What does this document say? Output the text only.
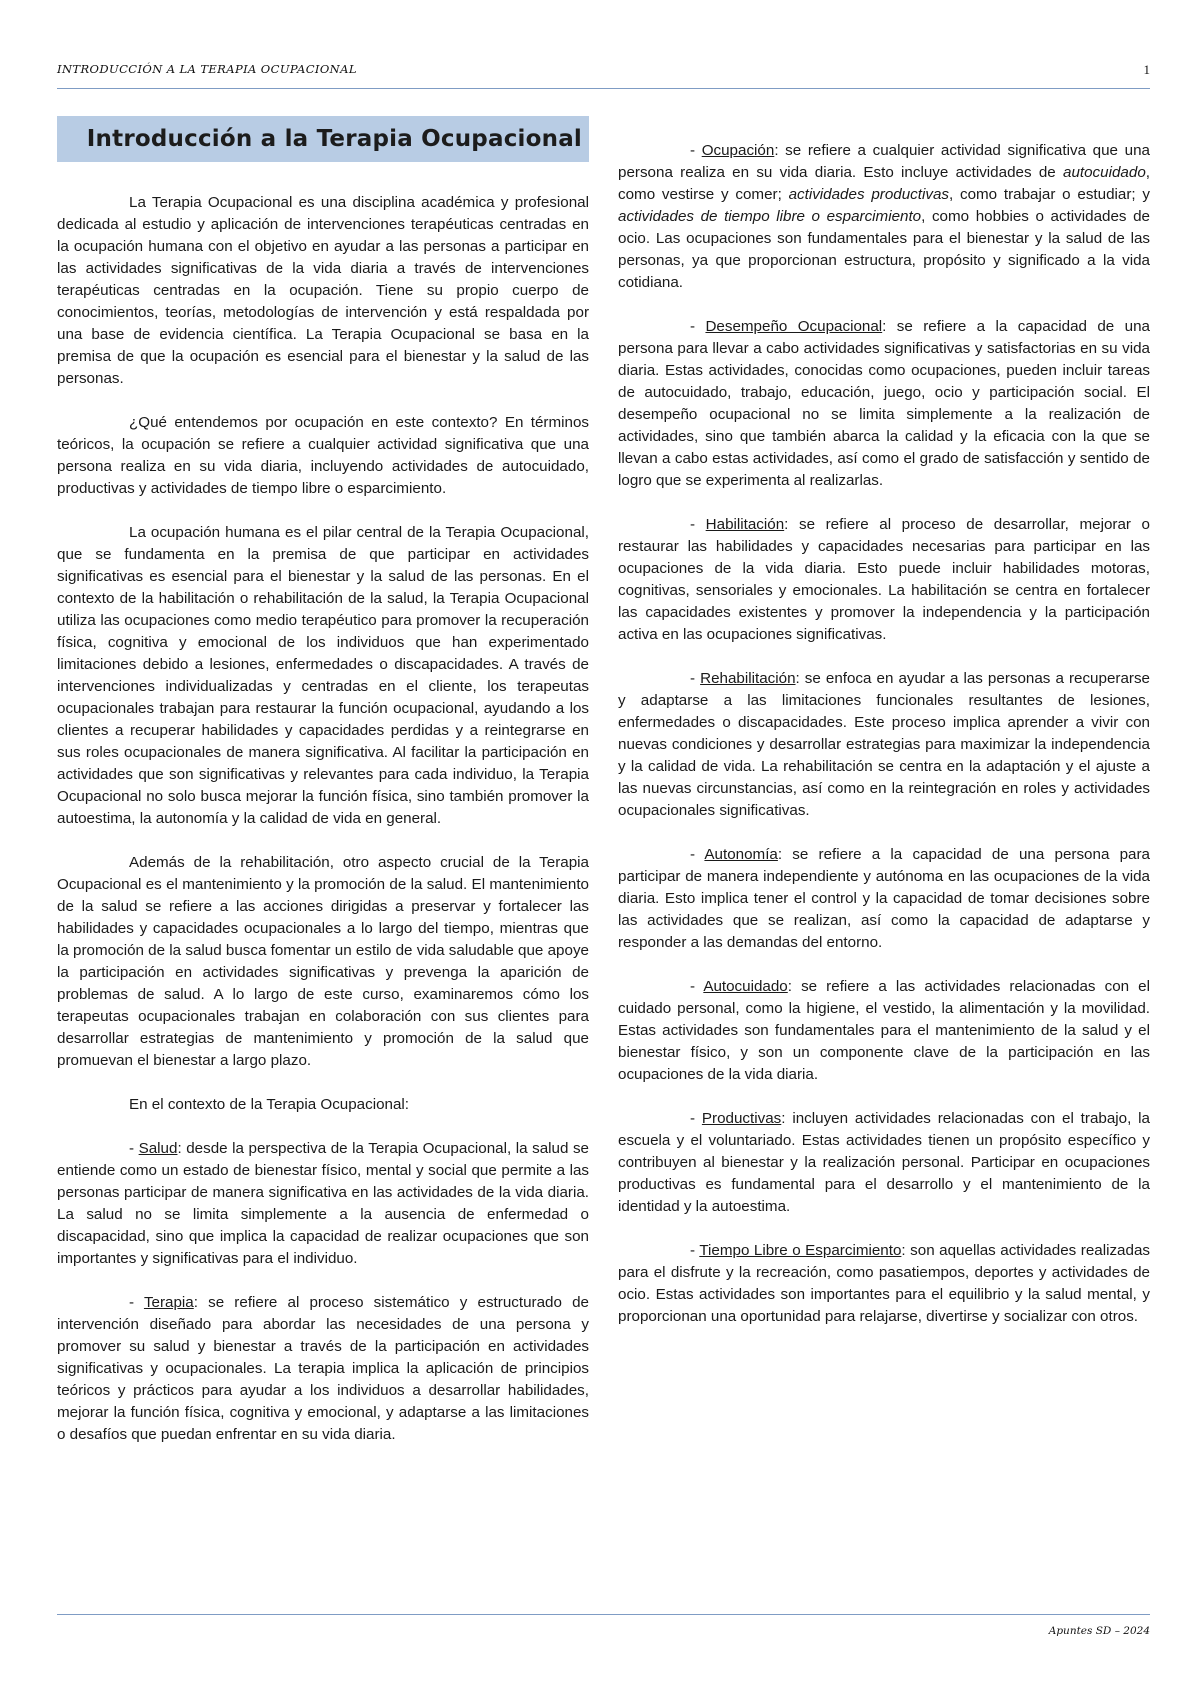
INTRODUCCIÓN A LA TERAPIA OCUPACIONAL	1
Introducción a la Terapia Ocupacional

La Terapia Ocupacional es una disciplina académica y profesional dedicada al estudio y aplicación de intervenciones terapéuticas centradas en la ocupación humana con el objetivo en ayudar a las personas a participar en las actividades significativas de la vida diaria a través de intervenciones terapéuticas centradas en la ocupación. Tiene su propio cuerpo de conocimientos, teorías, metodologías de intervención y está respaldada por una base de evidencia científica. La Terapia Ocupacional se basa en la premisa de que la ocupación es esencial para el bienestar y la salud de las personas.

¿Qué entendemos por ocupación en este contexto? En términos teóricos, la ocupación se refiere a cualquier actividad significativa que una persona realiza en su vida diaria, incluyendo actividades de autocuidado, productivas y actividades de tiempo libre o esparcimiento.

La ocupación humana es el pilar central de la Terapia Ocupacional, que se fundamenta en la premisa de que participar en actividades significativas es esencial para el bienestar y la salud de las personas. En el contexto de la habilitación o rehabilitación de la salud, la Terapia Ocupacional utiliza las ocupaciones como medio terapéutico para promover la recuperación física, cognitiva y emocional de los individuos que han experimentado limitaciones debido a lesiones, enfermedades o discapacidades. A través de intervenciones individualizadas y centradas en el cliente, los terapeutas ocupacionales trabajan para restaurar la función ocupacional, ayudando a los clientes a recuperar habilidades y capacidades perdidas y a reintegrarse en sus roles ocupacionales de manera significativa. Al facilitar la participación en actividades que son significativas y relevantes para cada individuo, la Terapia Ocupacional no solo busca mejorar la función física, sino también promover la autoestima, la autonomía y la calidad de vida en general.

Además de la rehabilitación, otro aspecto crucial de la Terapia Ocupacional es el mantenimiento y la promoción de la salud. El mantenimiento de la salud se refiere a las acciones dirigidas a preservar y fortalecer las habilidades y capacidades ocupacionales a lo largo del tiempo, mientras que la promoción de la salud busca fomentar un estilo de vida saludable que apoye la participación en actividades significativas y prevenga la aparición de problemas de salud. A lo largo de este curso, examinaremos cómo los terapeutas ocupacionales trabajan en colaboración con sus clientes para desarrollar estrategias de mantenimiento y promoción de la salud que promuevan el bienestar a largo plazo.

En el contexto de la Terapia Ocupacional:

- Salud: desde la perspectiva de la Terapia Ocupacional, la salud se entiende como un estado de bienestar físico, mental y social que permite a las personas participar de manera significativa en las actividades de la vida diaria. La salud no se limita simplemente a la ausencia de enfermedad o discapacidad, sino que implica la capacidad de realizar ocupaciones que son importantes y significativas para el individuo.

- Terapia: se refiere al proceso sistemático y estructurado de intervención diseñado para abordar las necesidades de una persona y promover su salud y bienestar a través de la participación en actividades significativas y ocupacionales. La terapia implica la aplicación de principios teóricos y prácticos para ayudar a los individuos a desarrollar habilidades, mejorar la función física, cognitiva y emocional, y adaptarse a las limitaciones o desafíos que puedan enfrentar en su vida diaria.

- Ocupación: se refiere a cualquier actividad significativa que una persona realiza en su vida diaria. Esto incluye actividades de autocuidado, como vestirse y comer; actividades productivas, como trabajar o estudiar; y actividades de tiempo libre o esparcimiento, como hobbies o actividades de ocio. Las ocupaciones son fundamentales para el bienestar y la salud de las personas, ya que proporcionan estructura, propósito y significado a la vida cotidiana.

- Desempeño Ocupacional: se refiere a la capacidad de una persona para llevar a cabo actividades significativas y satisfactorias en su vida diaria. Estas actividades, conocidas como ocupaciones, pueden incluir tareas de autocuidado, trabajo, educación, juego, ocio y participación social. El desempeño ocupacional no se limita simplemente a la realización de actividades, sino que también abarca la calidad y la eficacia con la que se llevan a cabo estas actividades, así como el grado de satisfacción y sentido de logro que se experimenta al realizarlas.

- Habilitación: se refiere al proceso de desarrollar, mejorar o restaurar las habilidades y capacidades necesarias para participar en las ocupaciones de la vida diaria. Esto puede incluir habilidades motoras, cognitivas, sensoriales y emocionales. La habilitación se centra en fortalecer las capacidades existentes y promover la independencia y la participación activa en las ocupaciones significativas.

- Rehabilitación: se enfoca en ayudar a las personas a recuperarse y adaptarse a las limitaciones funcionales resultantes de lesiones, enfermedades o discapacidades. Este proceso implica aprender a vivir con nuevas condiciones y desarrollar estrategias para maximizar la independencia y la calidad de vida. La rehabilitación se centra en la adaptación y el ajuste a las nuevas circunstancias, así como en la reintegración en roles y actividades ocupacionales significativas.

- Autonomía: se refiere a la capacidad de una persona para participar de manera independiente y autónoma en las ocupaciones de la vida diaria. Esto implica tener el control y la capacidad de tomar decisiones sobre las actividades que se realizan, así como la capacidad de adaptarse y responder a las demandas del entorno.

- Autocuidado: se refiere a las actividades relacionadas con el cuidado personal, como la higiene, el vestido, la alimentación y la movilidad. Estas actividades son fundamentales para el mantenimiento de la salud y el bienestar físico, y son un componente clave de la participación en las ocupaciones de la vida diaria.

- Productivas: incluyen actividades relacionadas con el trabajo, la escuela y el voluntariado. Estas actividades tienen un propósito específico y contribuyen al bienestar y la realización personal. Participar en ocupaciones productivas es fundamental para el desarrollo y el mantenimiento de la identidad y la autoestima.

- Tiempo Libre o Esparcimiento: son aquellas actividades realizadas para el disfrute y la recreación, como pasatiempos, deportes y actividades de ocio. Estas actividades son importantes para el equilibrio y la salud mental, y proporcionan una oportunidad para relajarse, divertirse y socializar con otros.

Apuntes SD – 2024
